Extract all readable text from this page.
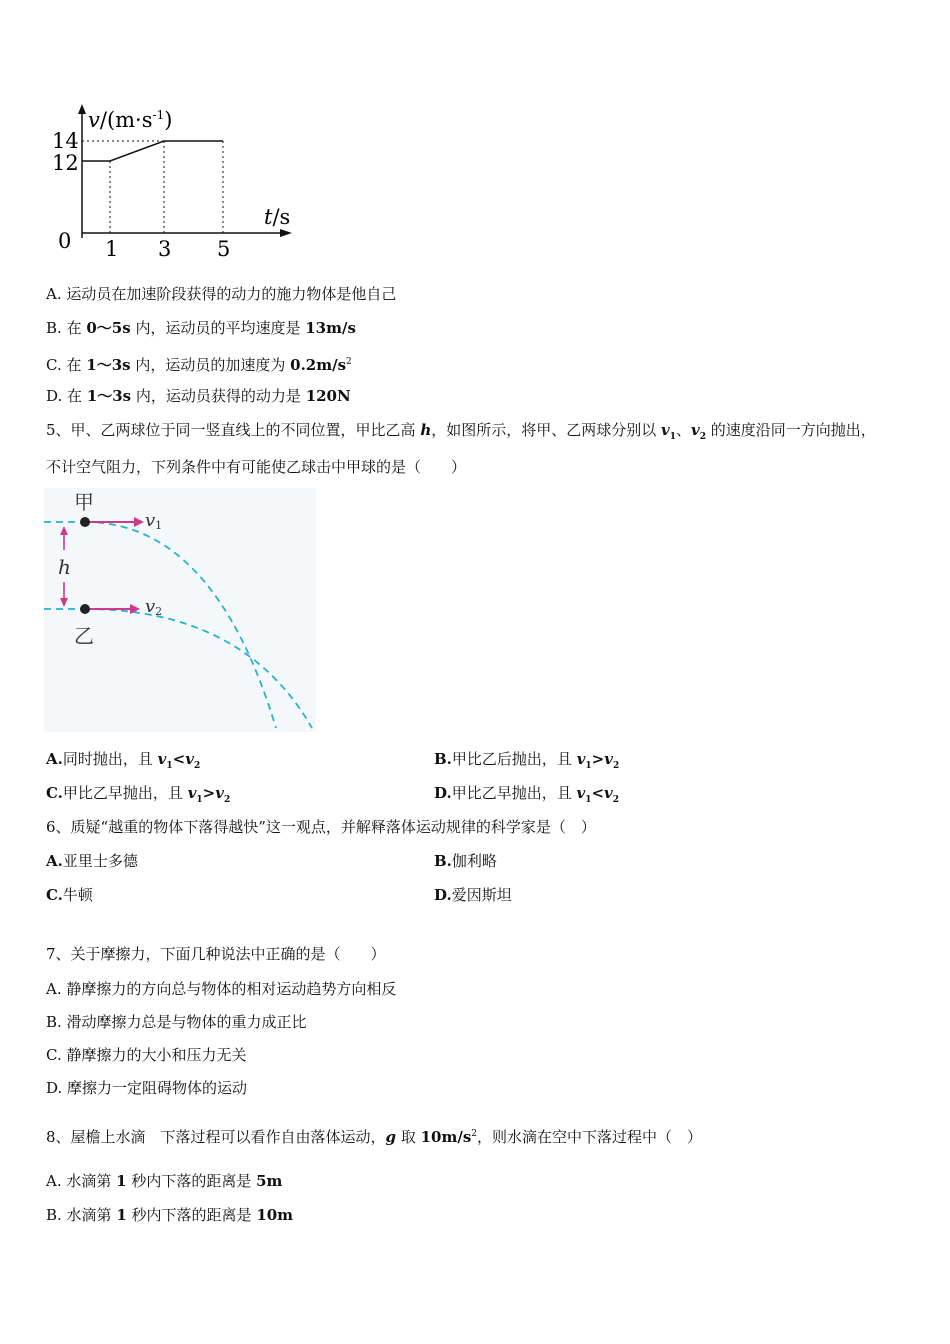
$v/(m\cdot s^{-1})$
14
12
0 1 3 5
t/s
A. 运动员在加速阶段获得的动力的施力物体是他自己
B. 在 0～5s 内，运动员的平均速度是 13m/s
C. 在 1～3s 内，运动员的加速度为 $0.2m/s^2$
D. 在 1～3s 内，运动员获得的动力是 120N
5、甲、乙两球位于同一竖直线上的不同位置，甲比乙高 h，如图所示，将甲、乙两球分别以 $v_1$、$v_2$ 的速度沿同一方向抛出，
不计空气阻力，下列条件中有可能使乙球击中甲球的是（　　）
h
甲
乙
v1
v2
A.同时抛出，且 $v_1<v_2$	B.甲比乙后抛出，且 $v_1>v_2$
C.甲比乙早抛出，且 $v_1>v_2$	D.甲比乙早抛出，且 $v_1<v_2$
6、质疑“越重的物体下落得越快”这一观点，并解释落体运动规律的科学家是（　）
A.亚里士多德	B.伽利略
C.牛顿	D.爱因斯坦
7、关于摩擦力，下面几种说法中正确的是（　　）
A. 静摩擦力的方向总与物体的相对运动趋势方向相反
B. 滑动摩擦力总是与物体的重力成正比
C. 静摩擦力的大小和压力无关
D. 摩擦力一定阻碍物体的运动
8、屋檐上水滴　下落过程可以看作自由落体运动，g 取 $10m/s^2$，则水滴在空中下落过程中（　）
A. 水滴第 1 秒内下落的距离是 5m
B. 水滴第 1 秒内下落的距离是 10m
